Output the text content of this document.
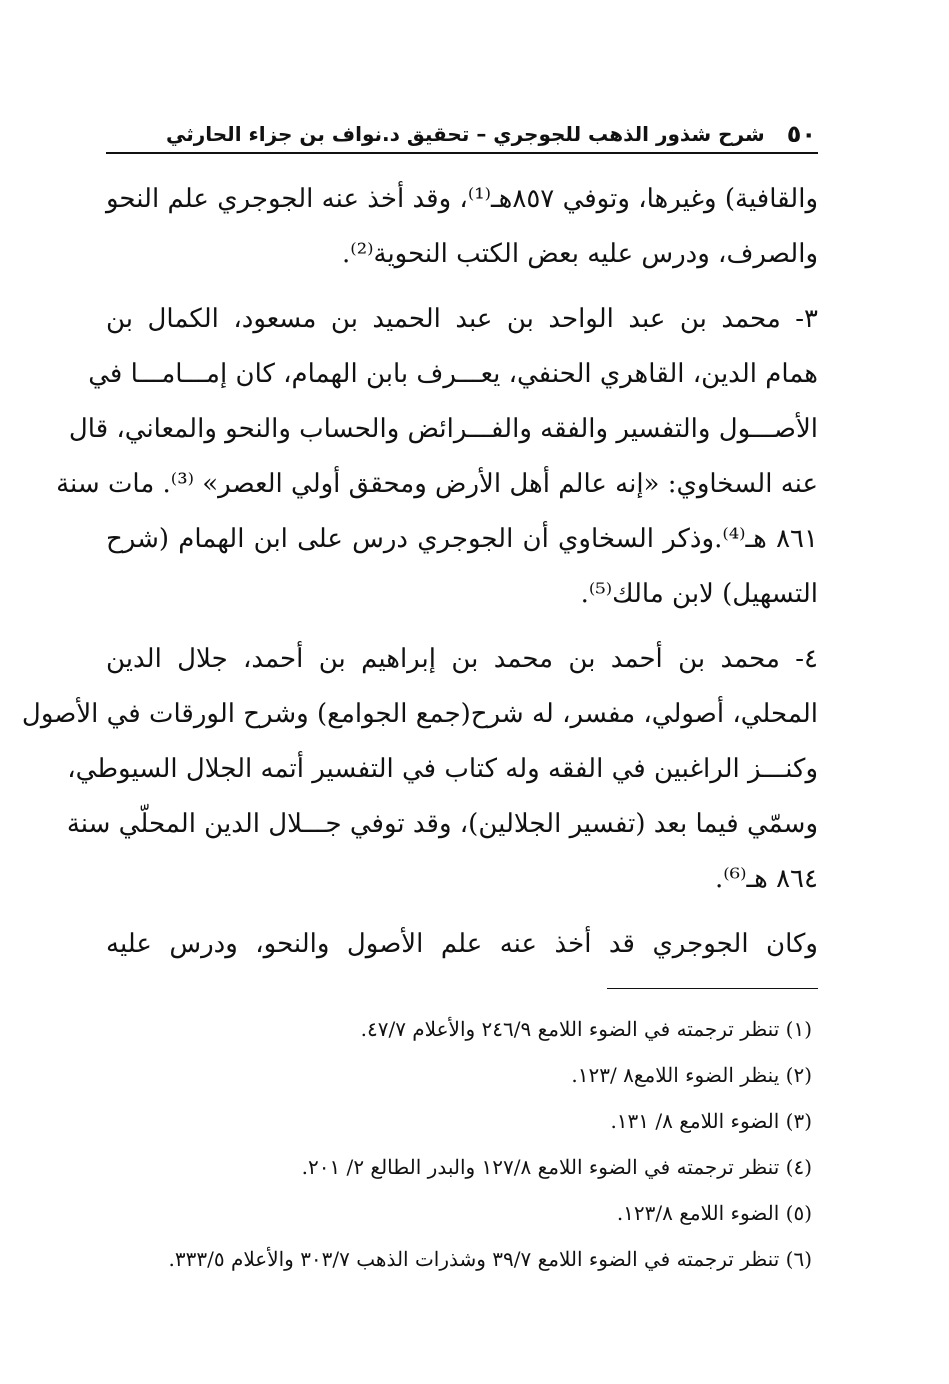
٥٠
شرح شذور الذهب للجوجري – تحقيق د.نواف بن جزاء الحارثي
والقافية) وغيرها، وتوفي ٨٥٧هـ⁽¹⁾، وقد أخذ عنه الجوجري علم النحو
والصرف، ودرس عليه بعض الكتب النحوية⁽²⁾.
٣- محمد بن عبد الواحد بن عبد الحميد بن مسعود، الكمال بن
همام الدين، القاهري الحنفي، يعـــرف بابن الهمام، كان إمـــامـــا في
الأصـــول والتفسير والفقه والفـــرائض والحساب والنحو والمعاني، قال
عنه السخاوي: «إنه عالم أهل الأرض ومحقق أولي العصر» ⁽³⁾. مات سنة
٨٦١ هـ⁽⁴⁾.وذكر السخاوي أن الجوجري درس على ابن الهمام (شرح
التسهيل) لابن مالك⁽⁵⁾.
٤- محمد بن أحمد بن محمد بن إبراهيم بن أحمد، جلال الدين
المحلي، أصولي، مفسر، له شرح(جمع الجوامع) وشرح الورقات في الأصول
وكنـــز الراغبين في الفقه وله كتاب في التفسير أتمه الجلال السيوطي،
وسمّي فيما بعد (تفسير الجلالين)، وقد توفي جـــلال الدين المحلّي سنة
٨٦٤ هـ⁽⁶⁾.
وكان الجوجري قد أخذ عنه علم الأصول والنحو، ودرس عليه
(١) تنظر ترجمته في الضوء اللامع ٢٤٦/٩ والأعلام ٤٧/٧.
(٢) ينظر الضوء اللامع٨ /١٢٣.
(٣) الضوء اللامع ٨/ ١٣١.
(٤) تنظر ترجمته في الضوء اللامع ١٢٧/٨ والبدر الطالع ٢/ ٢٠١.
(٥) الضوء اللامع ١٢٣/٨.
(٦) تنظر ترجمته في الضوء اللامع ٣٩/٧ وشذرات الذهب ٣٠٣/٧ والأعلام ٣٣٣/٥.
